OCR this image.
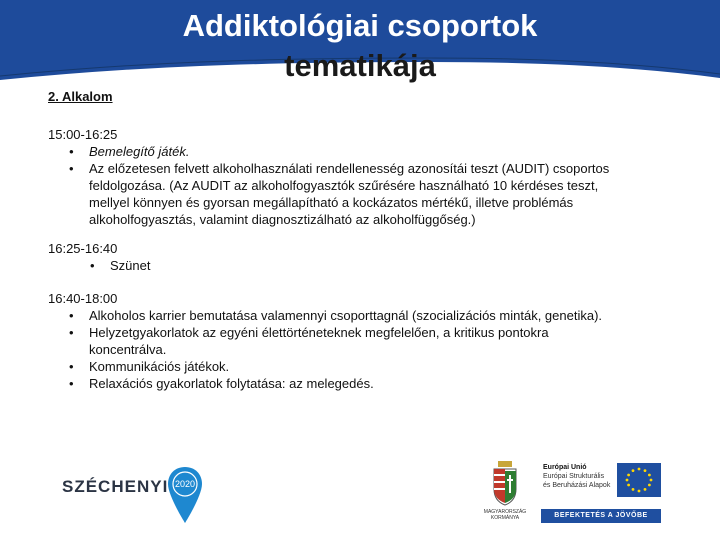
Addiktológiai csoportok
tematikája
2. Alkalom
15:00-16:25
• Bemelegítő játék.
• Az előzetesen felvett alkoholhasználati rendellenesség azonosítái teszt (AUDIT) csoportos feldolgozása. (Az AUDIT az alkoholfogyasztók szűrésére használható 10 kérdéses teszt, mellyel könnyen és gyorsan megállapítható a kockázatos mértékű, illetve problémás alkoholfogyasztás, valamint diagnosztizálható az alkoholfüggőség.)
16:25-16:40
• Szünet
16:40-18:00
• Alkoholos karrier bemutatása valamennyi csoporttagnál (szocializációs minták, genetika).
• Helyzetgyakorlatok az egyéni élettörténeteknek megfelelően, a kritikus pontokra koncentrálva.
• Kommunikációs játékok.
• Relaxációs gyakorlatok folytatása: az melegedés.
SZÉCHENYI 2020
MAGYARORSZÁG KORMÁNYA
Európai Unió
Európai Strukturális
és Beruházási Alapok
BEFEKTETÉS A JÖVŐBE
